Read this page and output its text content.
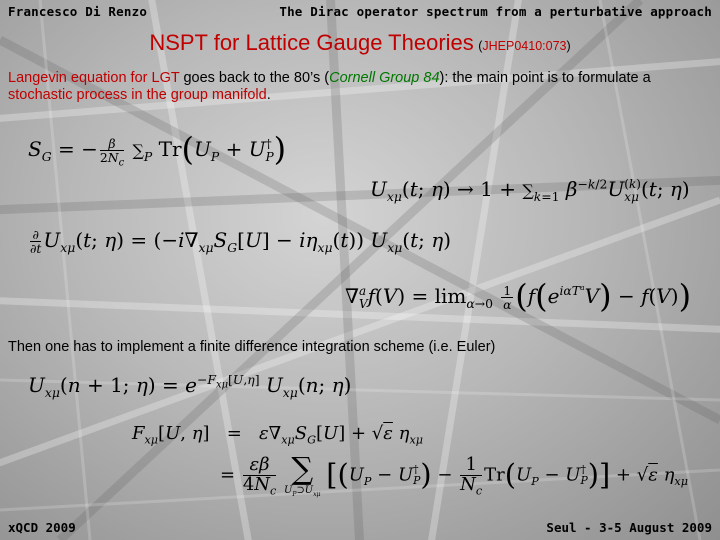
Francesco Di Renzo	The Dirac operator spectrum from a perturbative approach
NSPT for Lattice Gauge Theories (JHEP0410:073)
Langevin equation for LGT goes back to the 80’s (Cornell Group 84): the main point is to formulate a stochastic process in the group manifold.
$S_G$ = − $\frac{\beta}{2N_c} \sum_P$ $Tr(U_P + U$ †
P )
$U_{x\mu}(t$; $\eta) \to 1 + \sum_{k=1}$ $\beta^{-k/2}U$ (k)
xμ (t; η)
$\frac{\partial}{\partial t} U_{x\mu}(t$; $\eta) = (-i\nabla_{x\mu}S_G[U] - i\eta_{x\mu}(t))$ $U_{x\mu}(t$; η)
∇ a
V $f(V) = \lim_{\alpha\to 0} \frac{1}{\alpha} (f(e^{i\alpha T^a}V) - f(V))$
Then one has to implement a finite difference integration scheme (i.e. Euler)
$U_{x\mu}(n + 1$; $\eta) = e^{-F_{x\mu}[U,\eta]}$ $U_{x\mu}(n$; η)
$F_{x\mu}[U$, $\eta] = \varepsilon\nabla_{x\mu}S_G[U] + √\varepsilon$ $\eta_{x\mu}$
= $\frac{\varepsilon\beta}{4N_c}$
∑
$U_P⊃U_{x\mu}$
[($U_P - U$ †
P ) − $\frac{1}{N_c} Tr(U_P - U$ †
P )] + √ε $\eta_{x\mu}$
xQCD 2009	Seul - 3-5 August 2009
